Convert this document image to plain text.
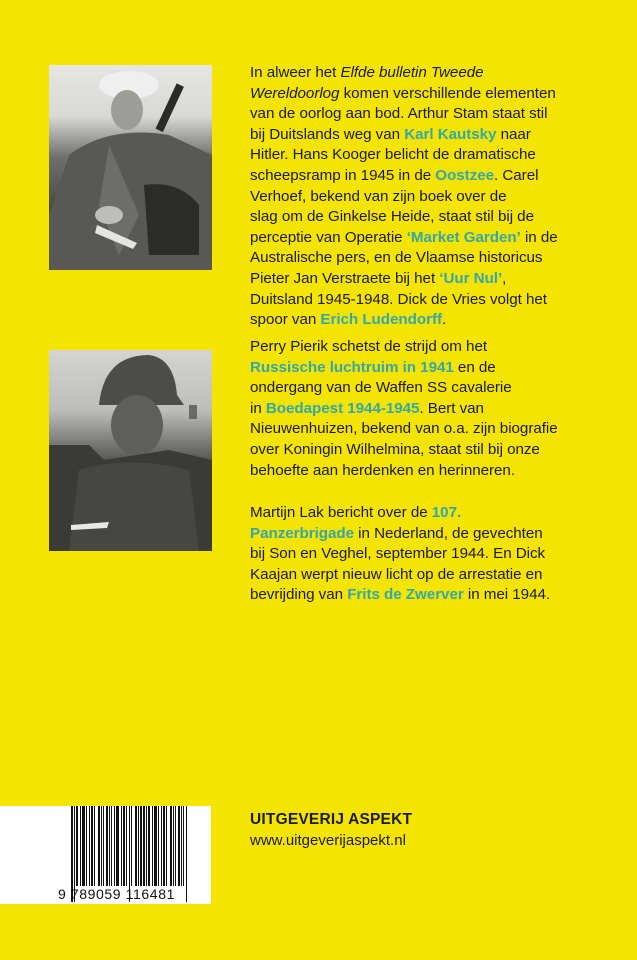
In alweer het Elfde bulletin Tweede
Wereldoorlog komen verschillende elementen
van de oorlog aan bod. Arthur Stam staat stil
bij Duitslands weg van Karl Kautsky naar
Hitler. Hans Kooger belicht de dramatische
scheepsramp in 1945 in de Oostzee. Carel
Verhoef, bekend van zijn boek over de
slag om de Ginkelse Heide, staat stil bij de
perceptie van Operatie ‘Market Garden’ in de
Australische pers, en de Vlaamse historicus
Pieter Jan Verstraete bij het ‘Uur Nul’,
Duitsland 1945-1948. Dick de Vries volgt het
spoor van Erich Ludendorff.
Perry Pierik schetst de strijd om het
Russische luchtruim in 1941 en de
ondergang van de Waffen SS cavalerie
in Boedapest 1944-1945. Bert van
Nieuwenhuizen, bekend van o.a. zijn biografie
over Koningin Wilhelmina, staat stil bij onze
behoefte aan herdenken en herinneren.
Martijn Lak bericht over de 107.
Panzerbrigade in Nederland, de gevechten
bij Son en Veghel, september 1944. En Dick
Kaajan werpt nieuw licht op de arrestatie en
bevrijding van Frits de Zwerver in mei 1944.
9 789059 116481
UITGEVERIJ ASPEKT
www.uitgeverijaspekt.nl
